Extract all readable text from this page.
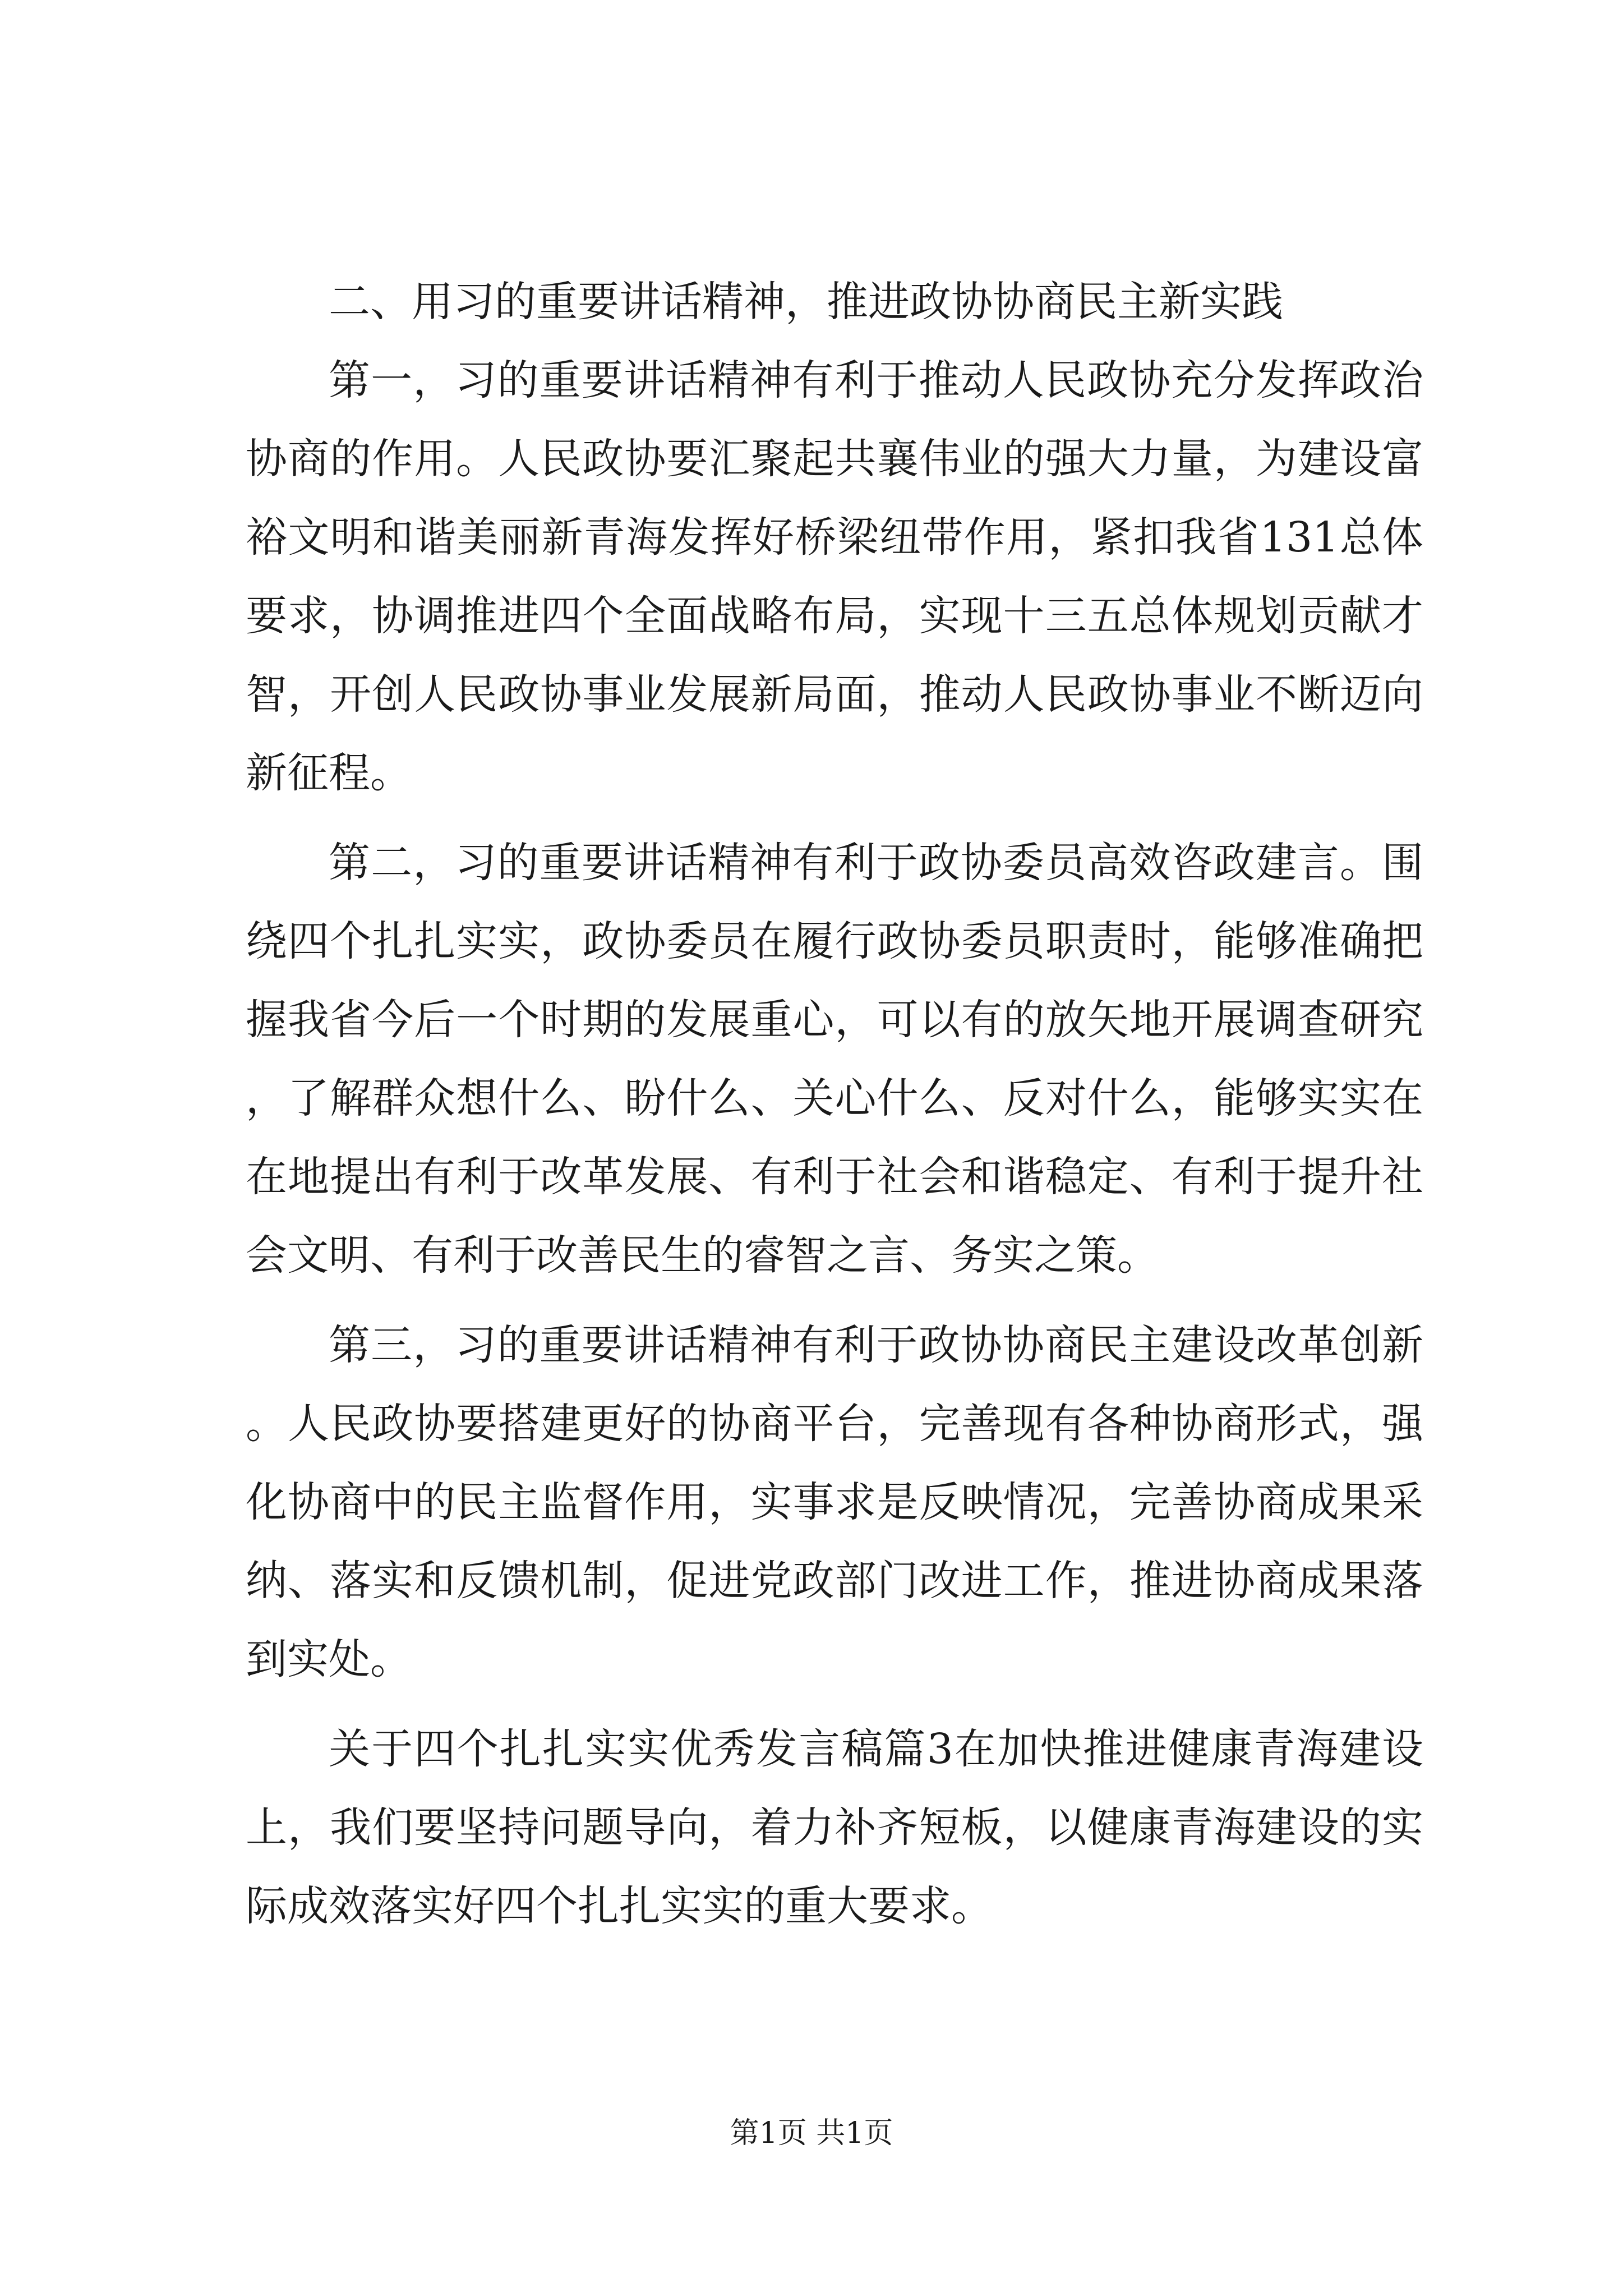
二、用习的重要讲话精神，推进政协协商民主新实践

第一，习的重要讲话精神有利于推动人民政协充分发挥政治协商的作用。人民政协要汇聚起共襄伟业的强大力量，为建设富裕文明和谐美丽新青海发挥好桥梁纽带作用，紧扣我省131总体要求，协调推进四个全面战略布局，实现十三五总体规划贡献才智，开创人民政协事业发展新局面，推动人民政协事业不断迈向新征程。

第二，习的重要讲话精神有利于政协委员高效咨政建言。围绕四个扎扎实实，政协委员在履行政协委员职责时，能够准确把握我省今后一个时期的发展重心，可以有的放矢地开展调查研究，了解群众想什么、盼什么、关心什么、反对什么，能够实实在在地提出有利于改革发展、有利于社会和谐稳定、有利于提升社会文明、有利于改善民生的睿智之言、务实之策。

第三，习的重要讲话精神有利于政协协商民主建设改革创新。人民政协要搭建更好的协商平台，完善现有各种协商形式，强化协商中的民主监督作用，实事求是反映情况，完善协商成果采纳、落实和反馈机制，促进党政部门改进工作，推进协商成果落到实处。

关于四个扎扎实实优秀发言稿篇3在加快推进健康青海建设上，我们要坚持问题导向，着力补齐短板，以健康青海建设的实际成效落实好四个扎扎实实的重大要求。

第1页 共1页
